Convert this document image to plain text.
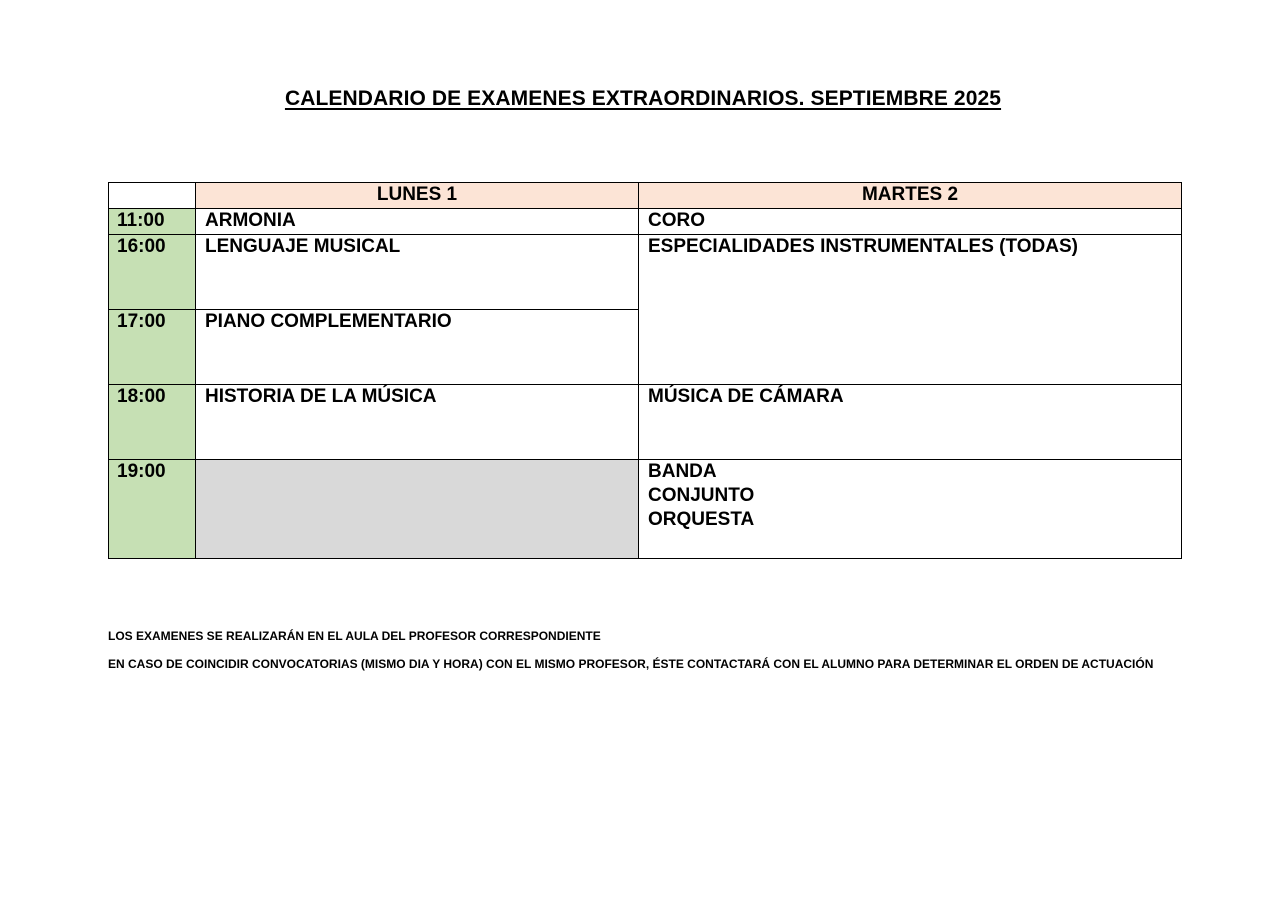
CALENDARIO DE EXAMENES EXTRAORDINARIOS. SEPTIEMBRE 2025
	LUNES 1	MARTES 2
11:00	ARMONIA	CORO
16:00	LENGUAJE MUSICAL	ESPECIALIDADES INSTRUMENTALES (TODAS)
17:00	PIANO COMPLEMENTARIO	
18:00	HISTORIA DE LA MÚSICA	MÚSICA DE CÁMARA
19:00		BANDA
CONJUNTO
ORQUESTA

LOS EXAMENES SE REALIZARÁN EN EL AULA DEL PROFESOR CORRESPONDIENTE

EN CASO DE COINCIDIR CONVOCATORIAS (MISMO DIA Y HORA) CON EL MISMO PROFESOR, ÉSTE CONTACTARÁ CON EL ALUMNO PARA DETERMINAR EL ORDEN DE ACTUACIÓN
